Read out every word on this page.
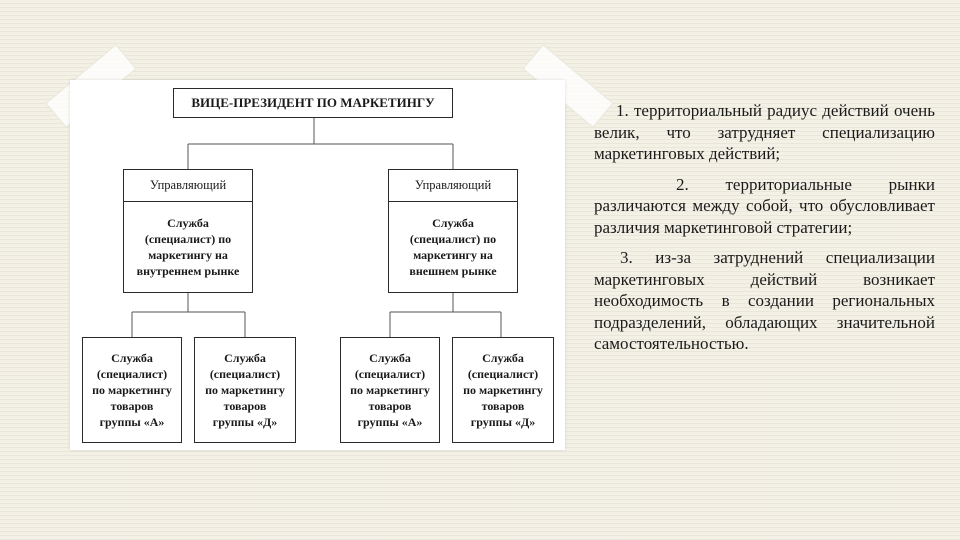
ВИЦЕ-ПРЕЗИДЕНТ ПО МАРКЕТИНГУ
Управляющий
Служба
(специалист) по
маркетингу на
внутреннем рынке
Управляющий
Служба
(специалист) по
маркетингу на
внешнем рынке
Служба
(специалист)
по маркетингу
товаров
группы «А»
Служба
(специалист)
по маркетингу
товаров
группы «Д»
Служба
(специалист)
по маркетингу
товаров
группы «А»
Служба
(специалист)
по маркетингу
товаров
группы «Д»

1. территориальный радиус действий очень велик, что затрудняет специализацию маркетинговых действий;

2. территориальные рынки различаются между собой, что обусловливает различия маркетинговой стратегии;

3. из-за затруднений специализации маркетинговых действий возникает необходимость в создании региональных подразделений, обладающих значительной самостоятельностью.
